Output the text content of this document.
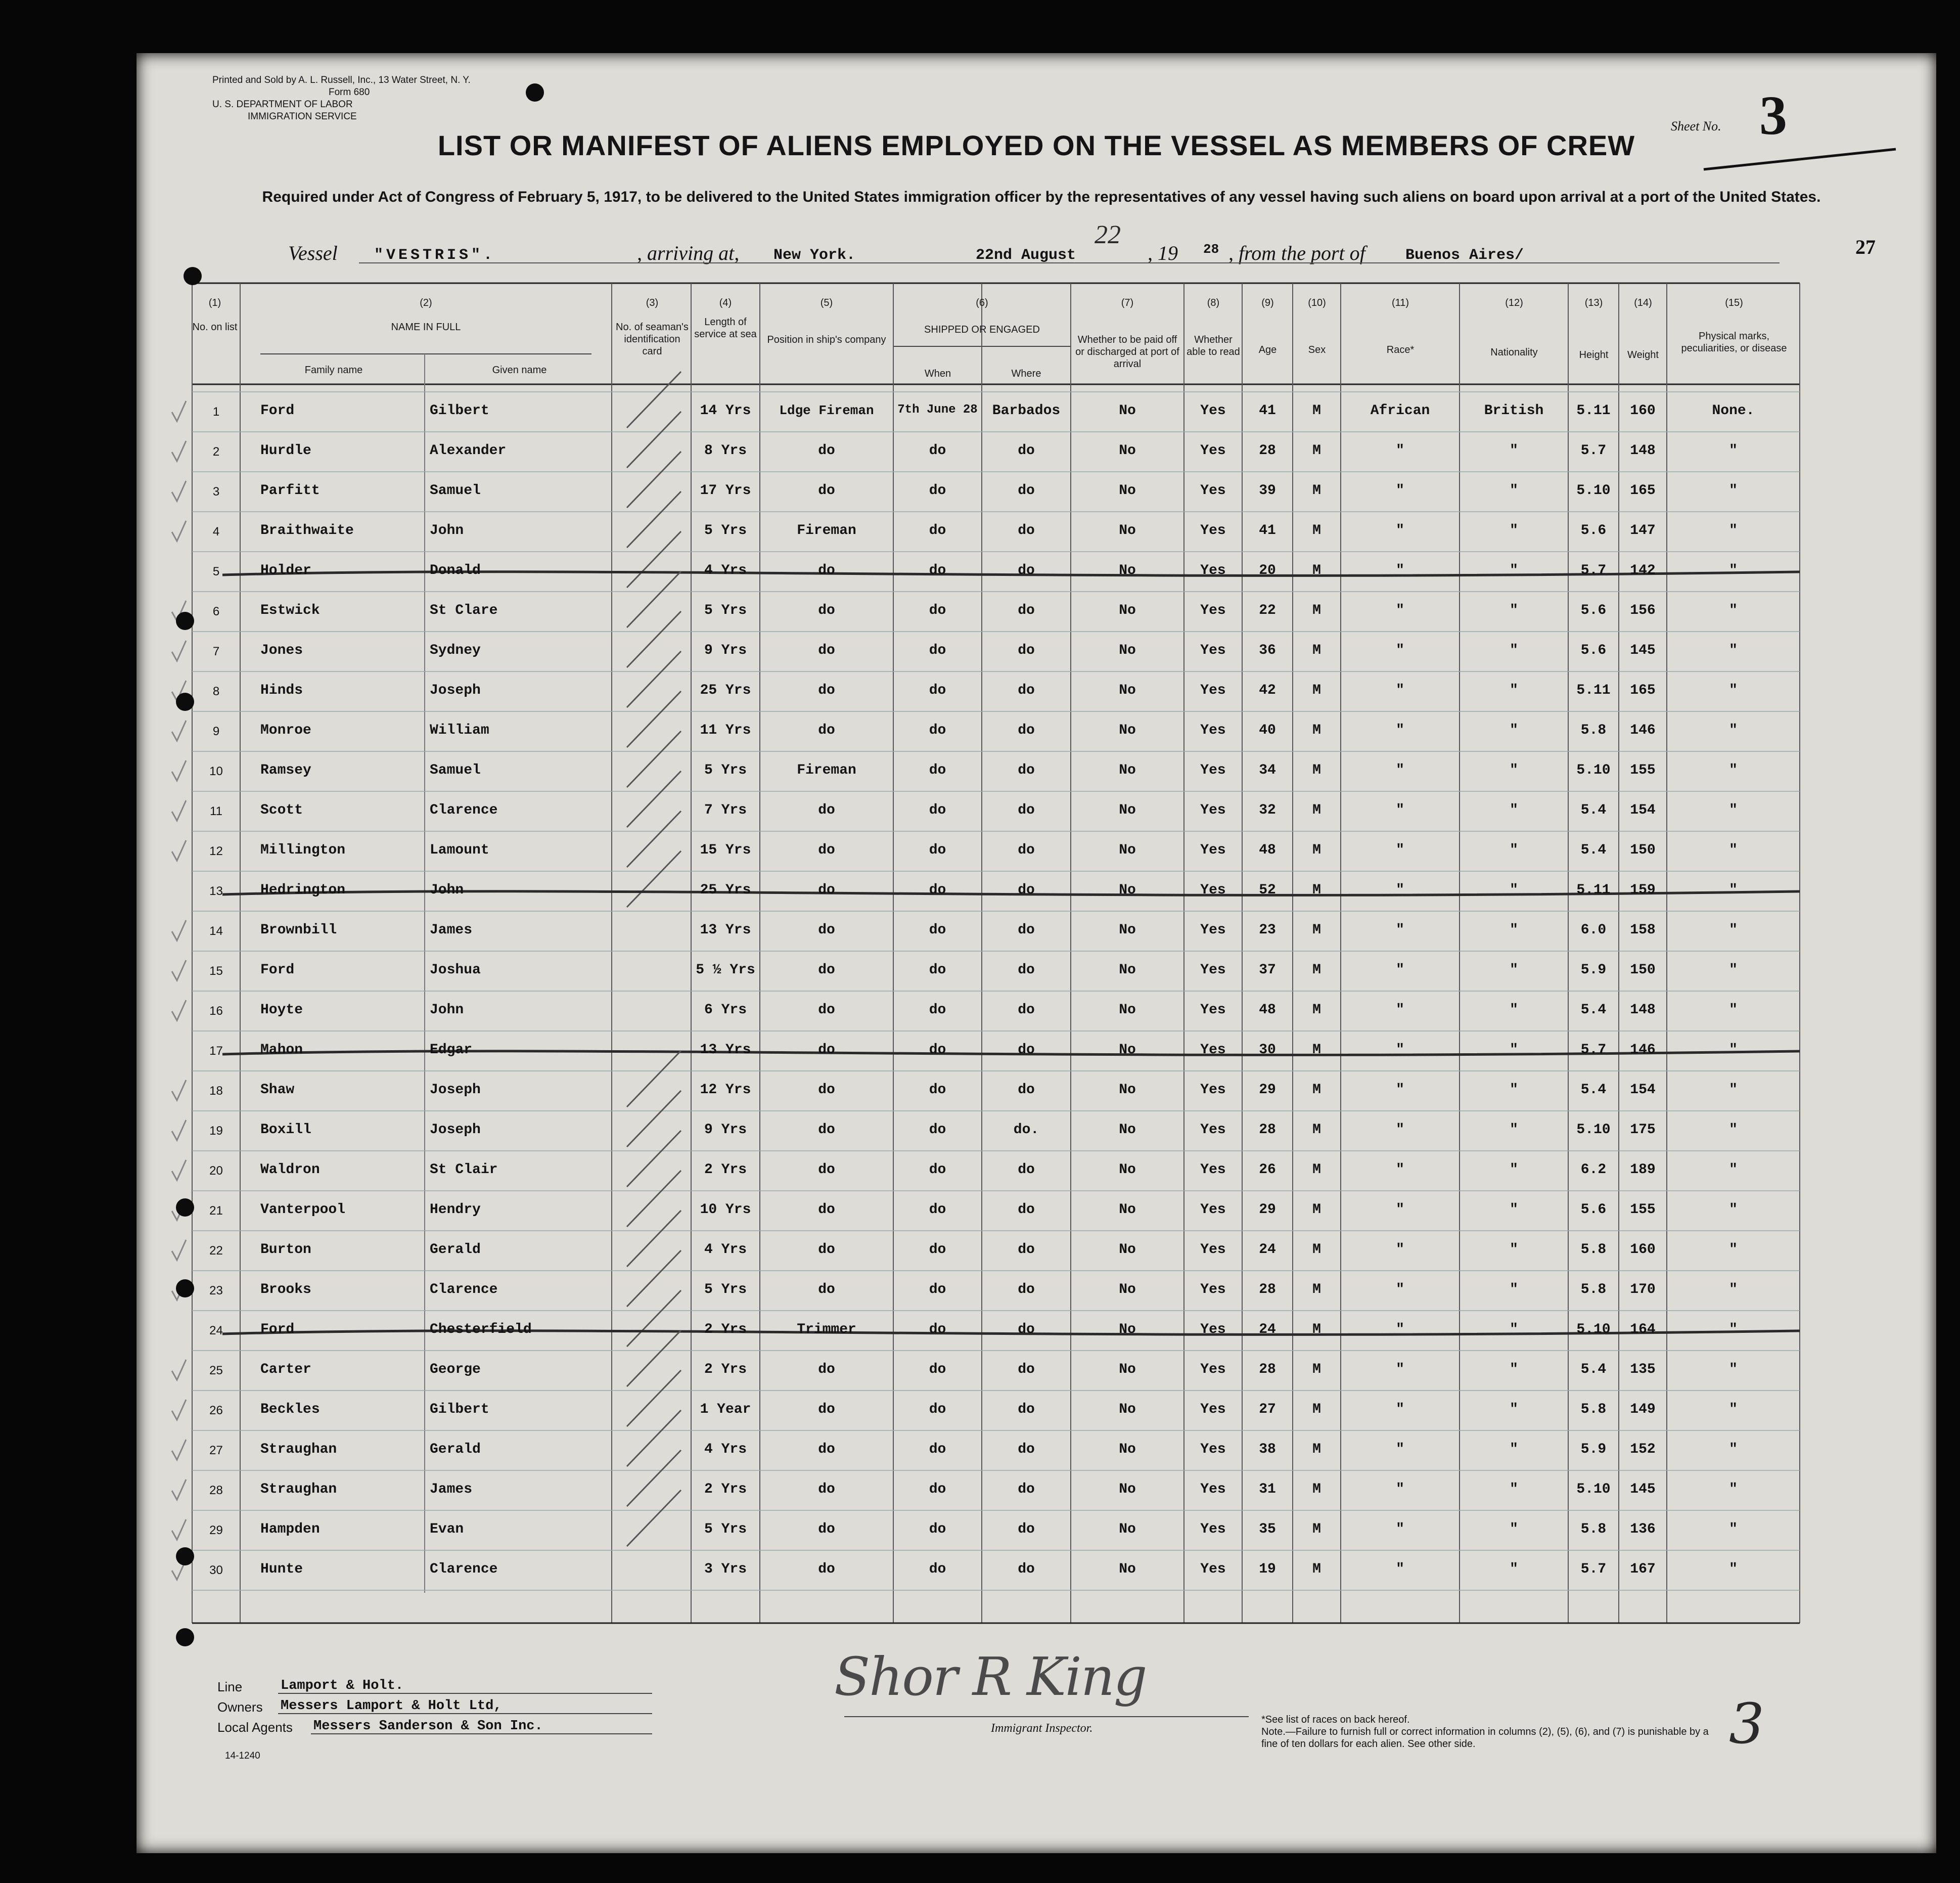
Printed and Sold by A. L. Russell, Inc., 13 Water Street, N. Y.
Form 680
U. S. DEPARTMENT OF LABOR
IMMIGRATION SERVICE
LIST OR MANIFEST OF ALIENS EMPLOYED ON THE VESSEL AS MEMBERS OF CREW
Required under Act of Congress of February 5, 1917, to be delivered to the United States immigration officer by the representatives of any vessel having such aliens on board upon arrival at a port of the United States.
Sheet No. 3
27
Vessel "VESTRIS".	, arriving at, New York.	22nd August
22
, 19 28 , from the port of	Buenos Aires/
(1)
No. on list
(2)
NAME IN FULL
Family name	Given name
(3)
No. of seaman's identification card
(4)
Length of service at sea
(5)
Position in ship's company
(6)
SHIPPED OR ENGAGED
When	Where
(7)
Whether to be paid off or discharged at port of arrival
(8)
Whether able to read
(9)
Age
(10)
Sex
(11)
Race*
(12)
Nationality
(13)
Height
(14)
Weight
(15)
Physical marks, peculiarities, or disease
1	Ford	Gilbert	14 Yrs	Ldge Fireman	7th June 28	Barbados	No	Yes	41	M	African	British	5.11	160	None.
2	Hurdle	Alexander	8 Yrs	do	do	do	No	Yes	28	M	"	"	5.7	148	"
3	Parfitt	Samuel	17 Yrs	do	do	do	No	Yes	39	M	"	"	5.10	165	"
4	Braithwaite	John	5 Yrs	Fireman	do	do	No	Yes	41	M	"	"	5.6	147	"
5	Holder	Donald	4 Yrs	do	do	do	No	Yes	20	M	"	"	5.7	142	"
6	Estwick	St Clare	5 Yrs	do	do	do	No	Yes	22	M	"	"	5.6	156	"
7	Jones	Sydney	9 Yrs	do	do	do	No	Yes	36	M	"	"	5.6	145	"
8	Hinds	Joseph	25 Yrs	do	do	do	No	Yes	42	M	"	"	5.11	165	"
9	Monroe	William	11 Yrs	do	do	do	No	Yes	40	M	"	"	5.8	146	"
10	Ramsey	Samuel	5 Yrs	Fireman	do	do	No	Yes	34	M	"	"	5.10	155	"
11	Scott	Clarence	7 Yrs	do	do	do	No	Yes	32	M	"	"	5.4	154	"
12	Millington	Lamount	15 Yrs	do	do	do	No	Yes	48	M	"	"	5.4	150	"
13	Hedrington	John	25 Yrs	do	do	do	No	Yes	52	M	"	"	5.11	159	"
14	Brownbill	James	13 Yrs	do	do	do	No	Yes	23	M	"	"	6.0	158	"
15	Ford	Joshua	5 ½ Yrs	do	do	do	No	Yes	37	M	"	"	5.9	150	"
16	Hoyte	John	6 Yrs	do	do	do	No	Yes	48	M	"	"	5.4	148	"
17	Mahon	Edgar	13 Yrs	do	do	do	No	Yes	30	M	"	"	5.7	146	"
18	Shaw	Joseph	12 Yrs	do	do	do	No	Yes	29	M	"	"	5.4	154	"
19	Boxill	Joseph	9 Yrs	do	do	do.	No	Yes	28	M	"	"	5.10	175	"
20	Waldron	St Clair	2 Yrs	do	do	do	No	Yes	26	M	"	"	6.2	189	"
21	Vanterpool	Hendry	10 Yrs	do	do	do	No	Yes	29	M	"	"	5.6	155	"
22	Burton	Gerald	4 Yrs	do	do	do	No	Yes	24	M	"	"	5.8	160	"
23	Brooks	Clarence	5 Yrs	do	do	do	No	Yes	28	M	"	"	5.8	170	"
24	Ford	Chesterfield	2 Yrs	Trimmer	do	do	No	Yes	24	M	"	"	5.10	164	"
25	Carter	George	2 Yrs	do	do	do	No	Yes	28	M	"	"	5.4	135	"
26	Beckles	Gilbert	1 Year	do	do	do	No	Yes	27	M	"	"	5.8	149	"
27	Straughan	Gerald	4 Yrs	do	do	do	No	Yes	38	M	"	"	5.9	152	"
28	Straughan	James	2 Yrs	do	do	do	No	Yes	31	M	"	"	5.10	145	"
29	Hampden	Evan	5 Yrs	do	do	do	No	Yes	35	M	"	"	5.8	136	"
30	Hunte	Clarence	3 Yrs	do	do	do	No	Yes	19	M	"	"	5.7	167	"
Line	Lamport & Holt.
Owners Messers Lamport & Holt Ltd,
Local Agents Messers Sanderson & Son Inc.
14-1240
Shor R King
Immigrant Inspector.
*See list of races on back hereof.
Note.—Failure to furnish full or correct information in columns (2), (5), (6), and (7) is punishable by a fine of ten dollars for each alien. See other side.	3
